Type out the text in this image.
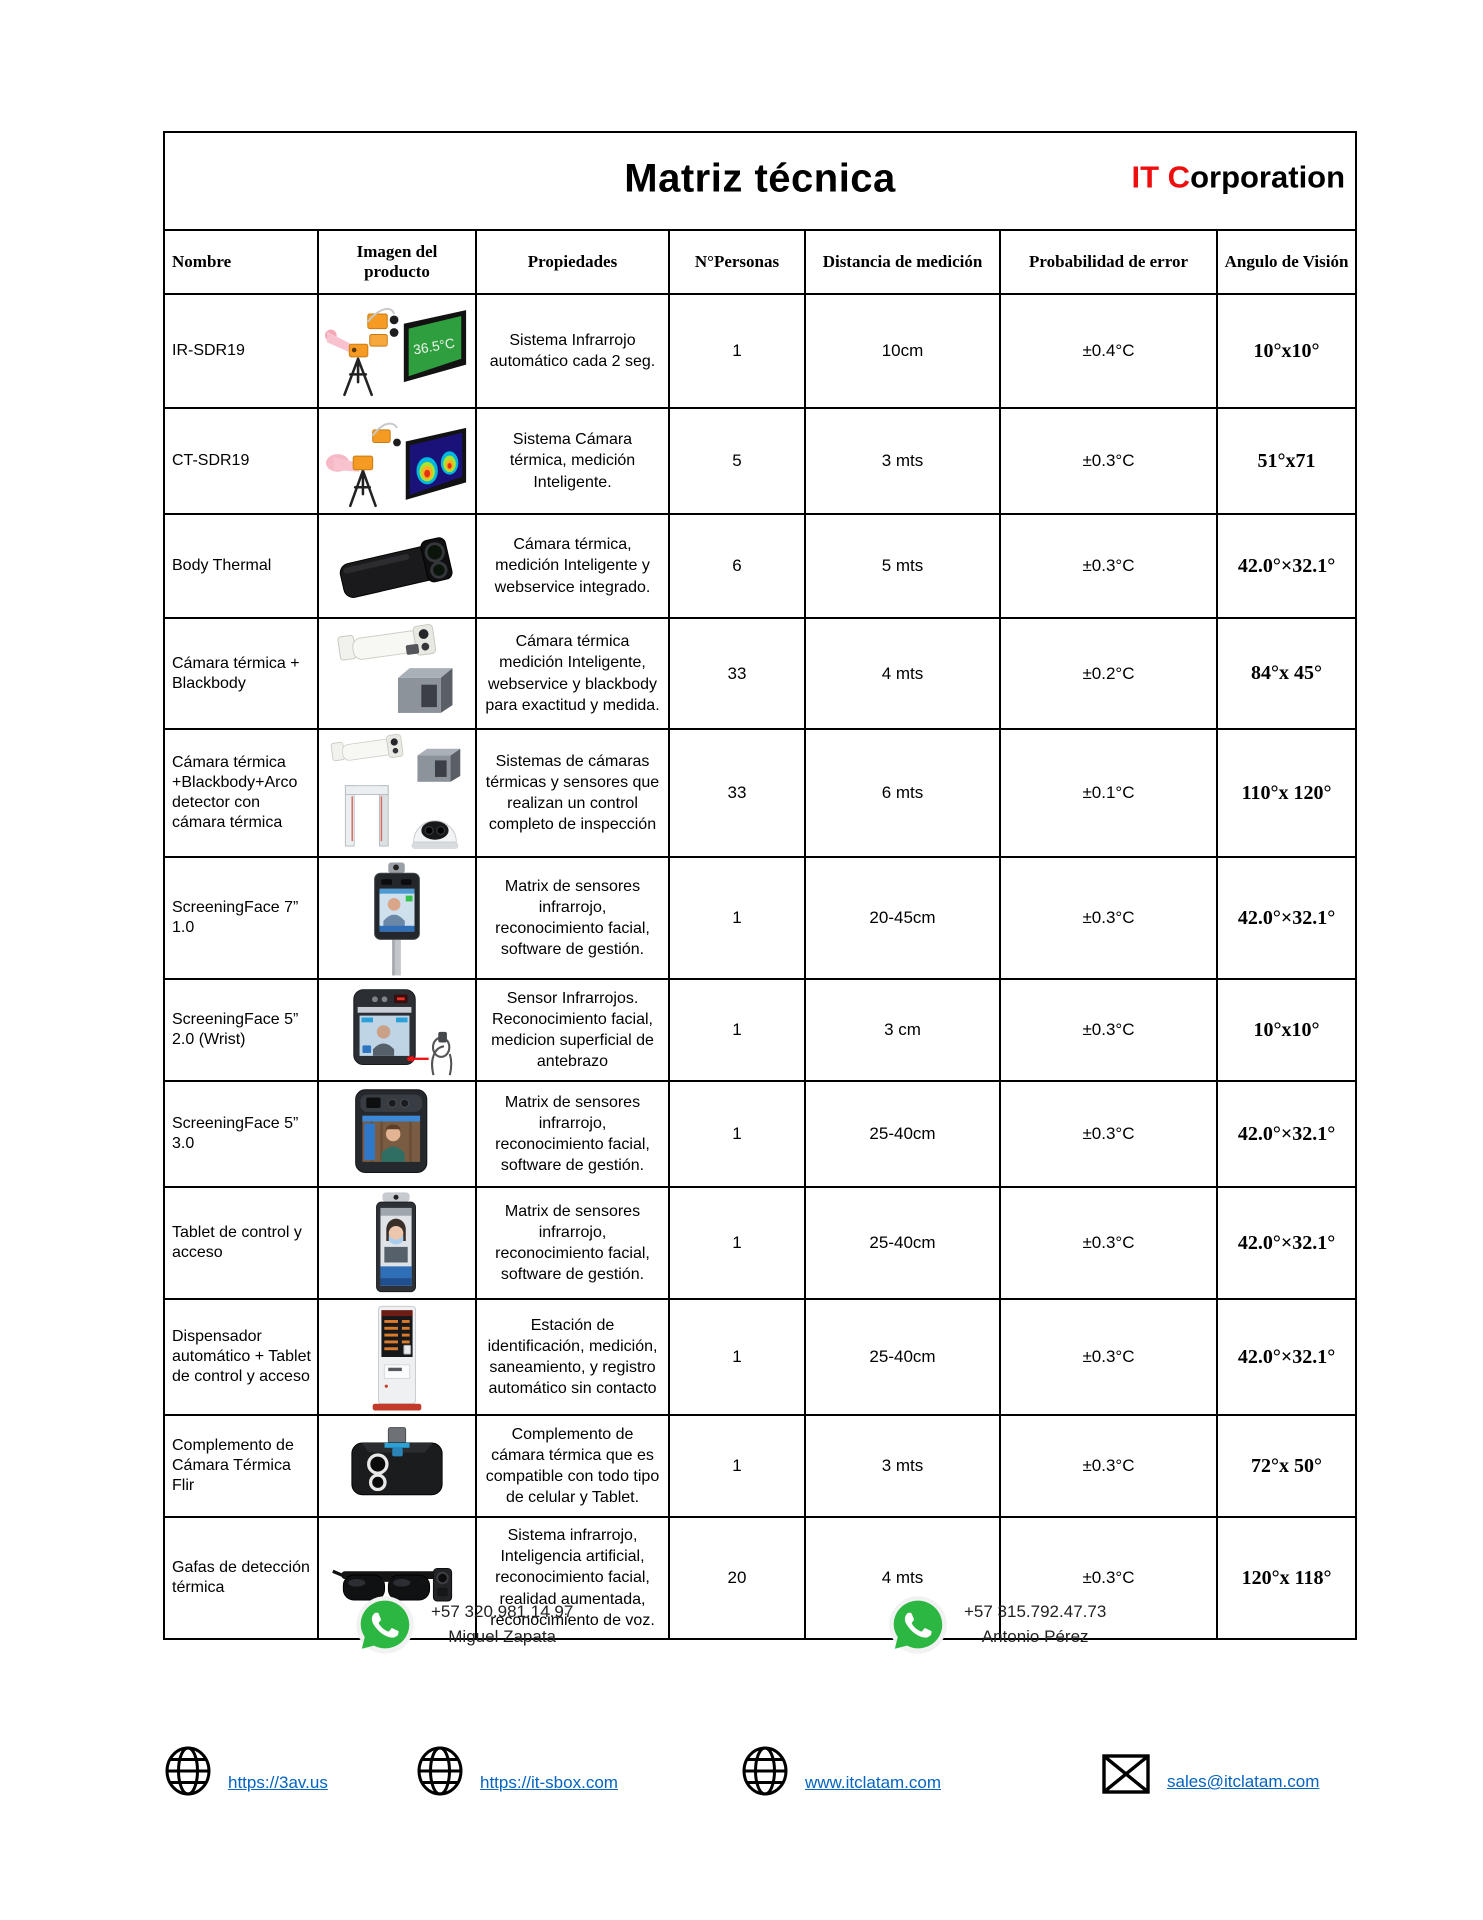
Matriz técnica IT Corporation						

Nombre	Imagen del producto	Propiedades	N°Personas	Distancia de medición	Probabilidad de error	Angulo de Visión
IR-SDR19	36.5°C	Sistema Infrarrojo automático cada 2 seg.	1	10cm	±0.4°C	10°x10°
CT-SDR19		Sistema Cámara térmica, medición Inteligente.	5	3 mts	±0.3°C	51°x71
Body Thermal		Cámara térmica, medición Inteligente y webservice integrado.	6	5 mts	±0.3°C	42.0°×32.1°
Cámara térmica + Blackbody		Cámara térmica medición Inteligente, webservice y blackbody para exactitud y medida.	33	4 mts	±0.2°C	84°x 45°
Cámara térmica +Blackbody+Arco detector con cámara térmica		Sistemas de cámaras térmicas y sensores que realizan un control completo de inspección	33	6 mts	±0.1°C	110°x 120°
ScreeningFace 7” 1.0		Matrix de sensores infrarrojo, reconocimiento facial, software de gestión.	1	20-45cm	±0.3°C	42.0°×32.1°
ScreeningFace 5” 2.0 (Wrist)		Sensor Infrarrojos. Reconocimiento facial, medicion superficial de antebrazo	1	3 cm	±0.3°C	10°x10°
ScreeningFace 5” 3.0		Matrix de sensores infrarrojo, reconocimiento facial, software de gestión.	1	25-40cm	±0.3°C	42.0°×32.1°
Tablet de control y acceso		Matrix de sensores infrarrojo, reconocimiento facial, software de gestión.	1	25-40cm	±0.3°C	42.0°×32.1°
Dispensador automático + Tablet de control y acceso		Estación de identificación, medición, saneamiento, y registro automático sin contacto	1	25-40cm	±0.3°C	42.0°×32.1°
Complemento de Cámara Térmica Flir		Complemento de cámara térmica que es compatible con todo tipo de celular y Tablet.	1	3 mts	±0.3°C	72°x 50°
Gafas de detección térmica		Sistema infrarrojo, Inteligencia artificial, reconocimiento facial, realidad aumentada, reconocimiento de voz.	20	4 mts	±0.3°C	120°x 118°
+57 320.981.14.97
Miguel Zapata
+57 315.792.47.73
Antonio Pérez
https://3av.us	https://it-sbox.com	www.itclatam.com	sales@itclatam.com
